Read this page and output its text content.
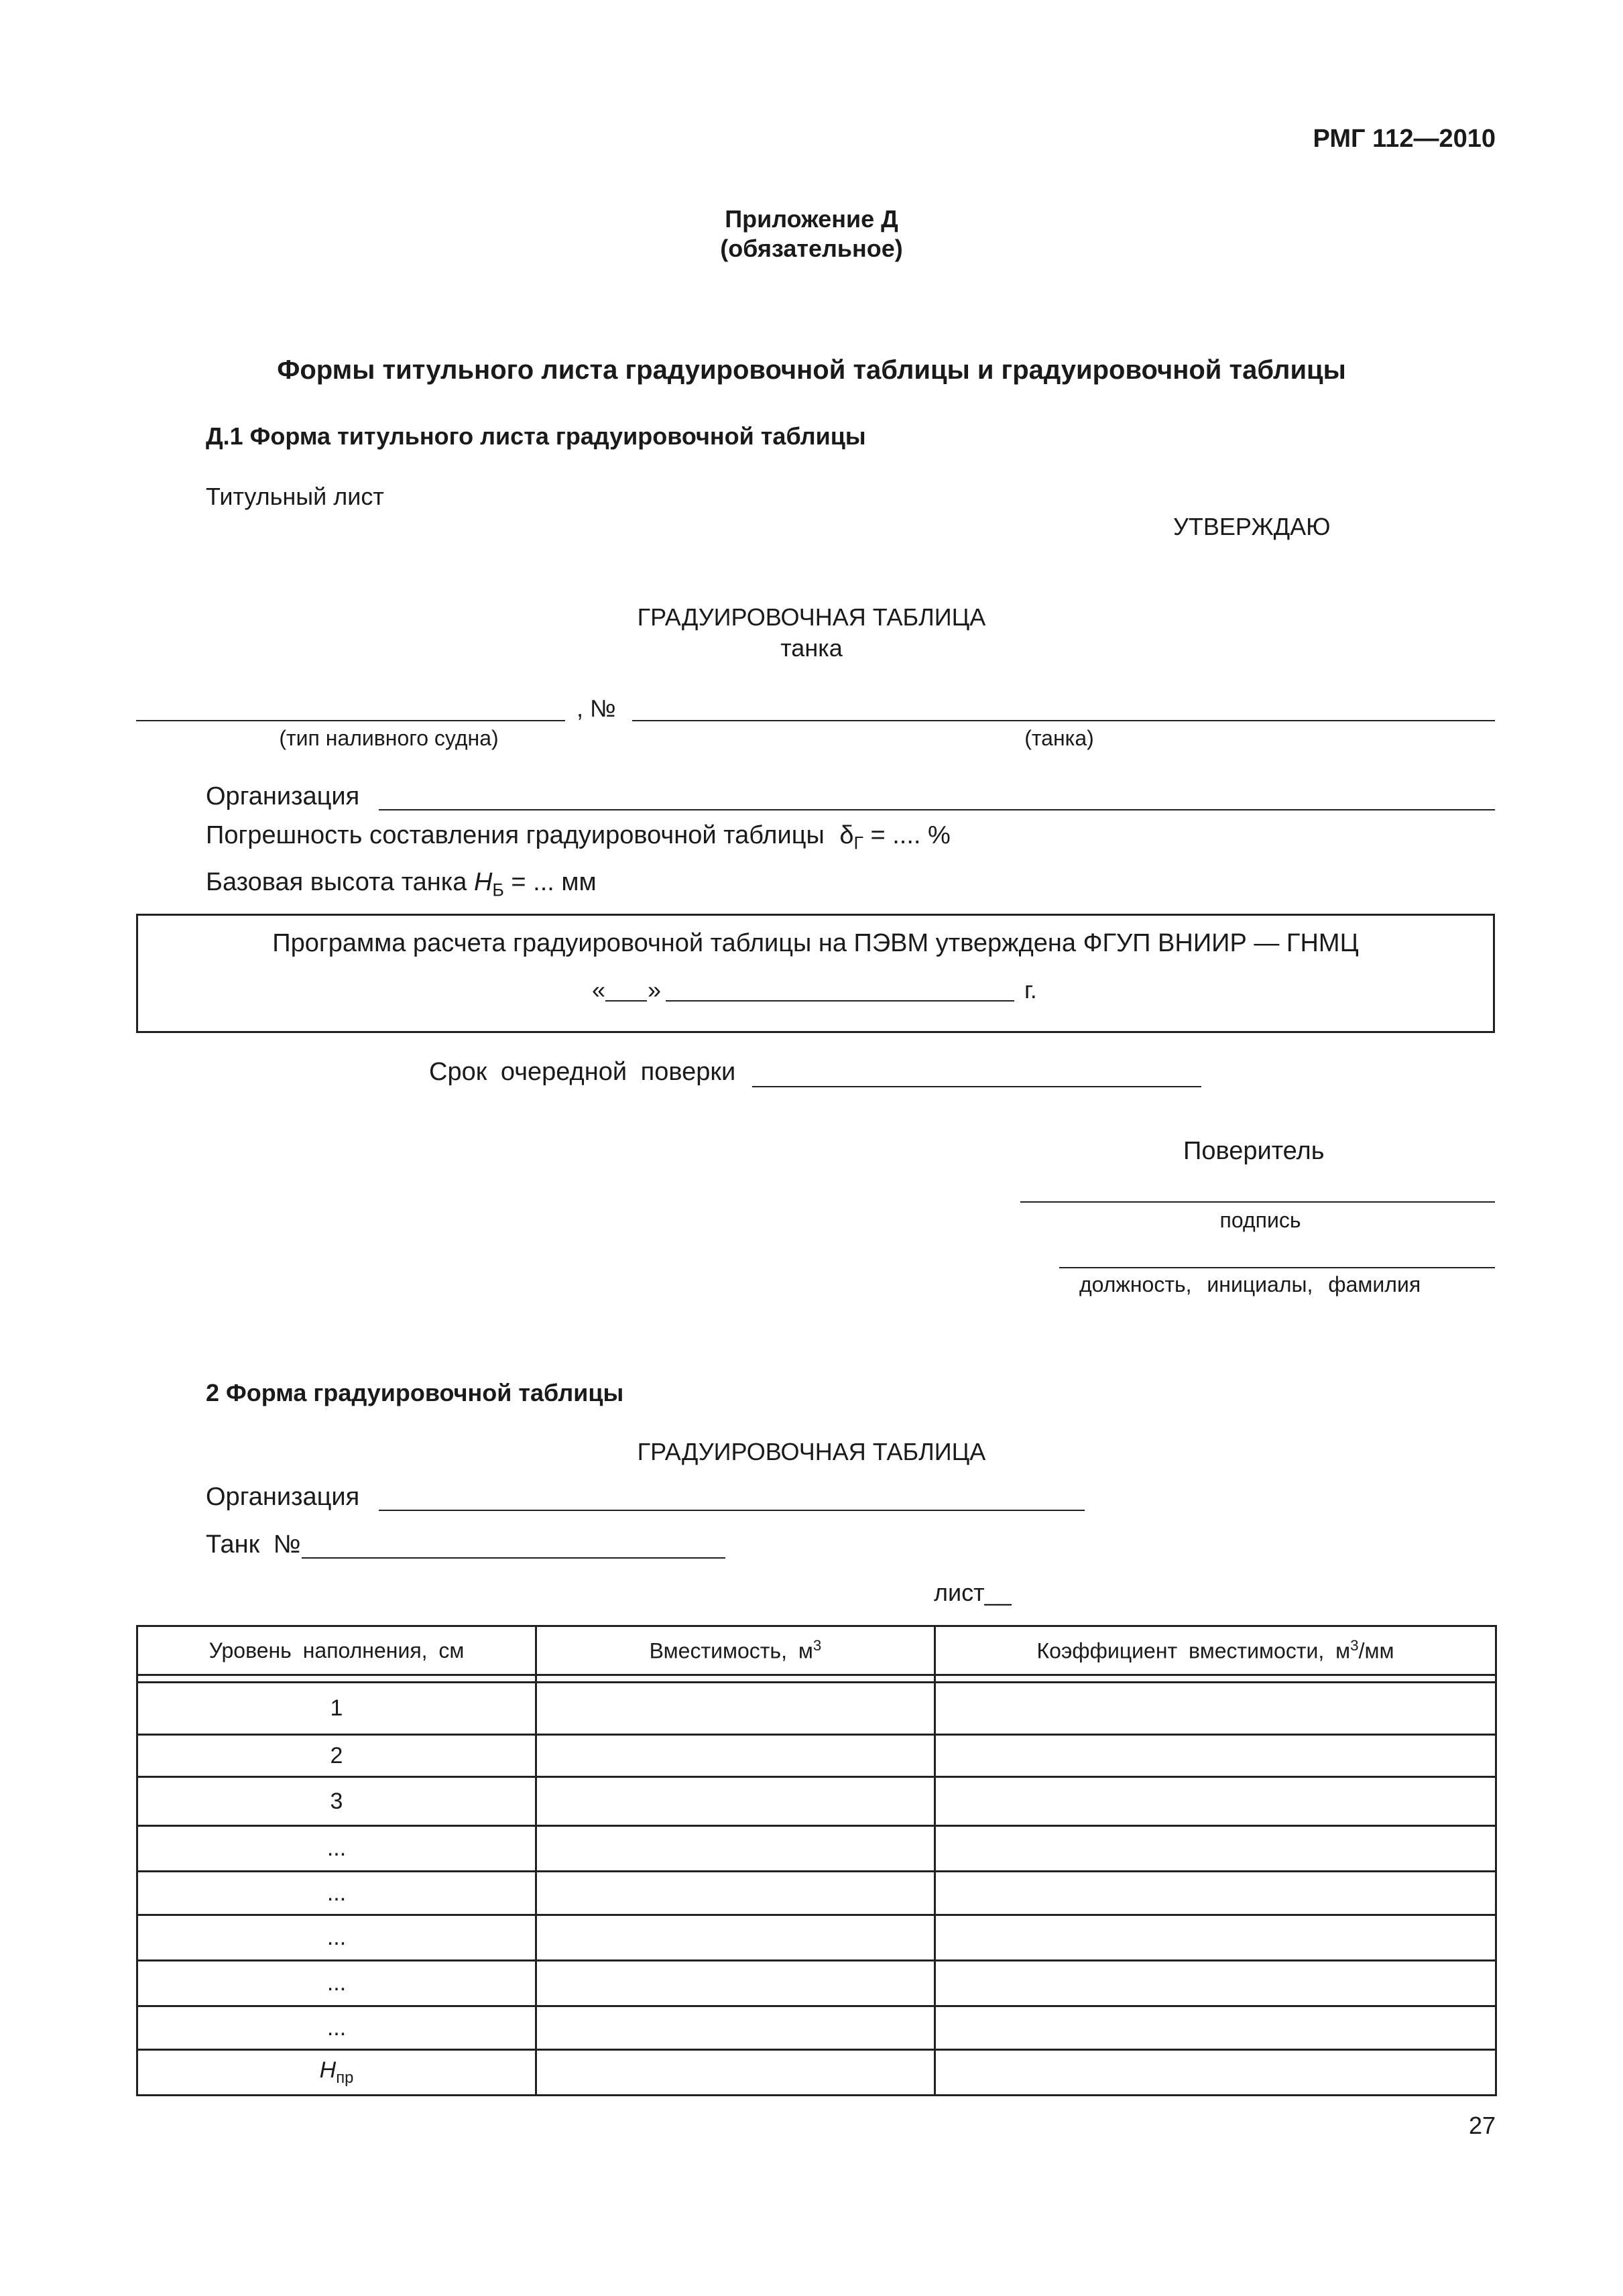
РМГ 112—2010
Приложение Д
(обязательное)
Формы титульного листа градуировочной таблицы и градуировочной таблицы
Д.1 Форма титульного листа градуировочной таблицы
Титульный лист
УТВЕРЖДАЮ
ГРАДУИРОВОЧНАЯ ТАБЛИЦА
танка
, №
(тип наливного судна)	(танка)
Организация
Погрешность составления градуировочной таблицы $\delta_Г$ = .... %
Базовая высота танка $H_Б$ = ... мм
Программа расчета градуировочной таблицы на ПЭВМ утверждена ФГУП ВНИИР — ГНМЦ
« »	г.
Срок очередной поверки
Поверитель
подпись
должность, инициалы, фамилия
2 Форма градуировочной таблицы
ГРАДУИРОВОЧНАЯ ТАБЛИЦА
Организация
Танк №
лист__
Уровень наполнения, см	Вместимость, $м^3$	Коэффициент вместимости, $м^3/мм$

1		
2		
3		
...		
...		
...		
...		
...		
$H_{пр}$		
27
